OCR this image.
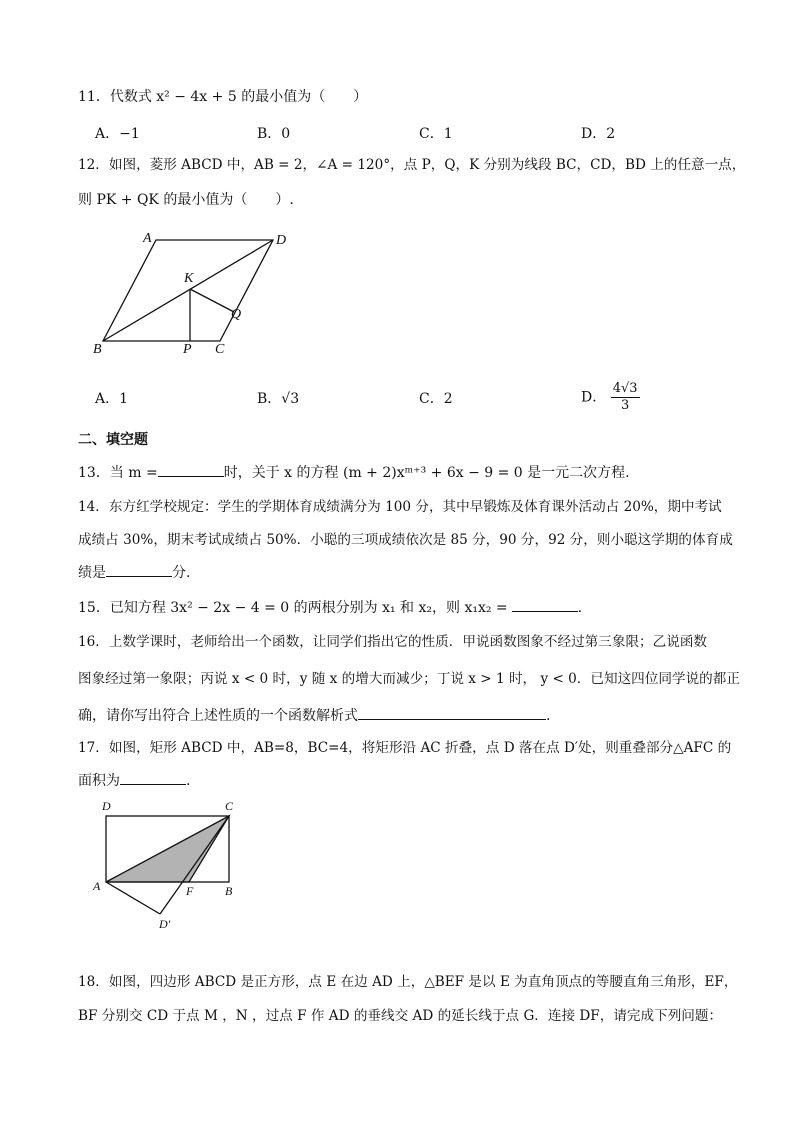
11．代数式 x² − 4x + 5 的最小值为（　　）
A．−1	B．0	C．1	D．2
12．如图，菱形 ABCD 中，AB = 2，∠A = 120°，点 P，Q，K 分别为线段 BC，CD，BD 上的任意一点，
则 PK + QK 的最小值为（　　）.
A	D
K
Q
B	P C
A．1	B．√3	C．2	D． $\frac{4√3}{3}$
二、填空题
13．当 m =	时，关于 x 的方程 (m + 2)xᵐ⁺³ + 6x − 9 = 0 是一元二次方程.
14．东方红学校规定：学生的学期体育成绩满分为 100 分，其中早锻炼及体育课外活动占 20%，期中考试
成绩占 30%，期末考试成绩占 50%．小聪的三项成绩依次是 85 分，90 分，92 分，则小聪这学期的体育成
绩是	分.
15．已知方程 3x² − 2x − 4 = 0 的两根分别为 x₁ 和 x₂，则 x₁x₂ =	.
16．上数学课时，老师给出一个函数，让同学们指出它的性质．甲说函数图象不经过第三象限；乙说函数
图象经过第一象限；丙说 x < 0 时，y 随 x 的增大而减少；丁说 x > 1 时， y < 0．已知这四位同学说的都正
确，请你写出符合上述性质的一个函数解析式	.
17．如图，矩形 ABCD 中，AB=8，BC=4，将矩形沿 AC 折叠，点 D 落在点 D′处，则重叠部分△AFC 的
面积为	.
D	C
A	F	B
D′
18．如图，四边形 ABCD 是正方形，点 E 在边 AD 上，△BEF 是以 E 为直角顶点的等腰直角三角形，EF，
BF 分别交 CD 于点 M ，N ，过点 F 作 AD 的垂线交 AD 的延长线于点 G．连接 DF，请完成下列问题：
